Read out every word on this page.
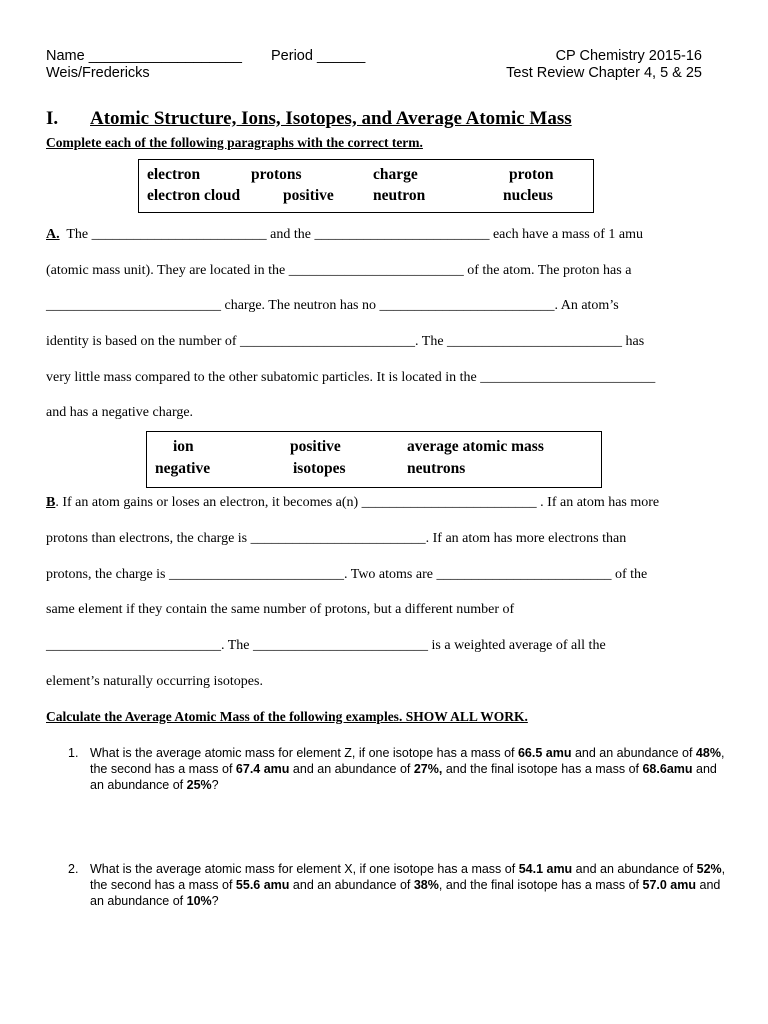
Name ___________________ Period ______	CP Chemistry 2015-16
Weis/Fredericks	Test Review Chapter 4, 5 & 25
I. Atomic Structure, Ions, Isotopes, and Average Atomic Mass
Complete each of the following paragraphs with the correct term.
electron	protons	charge	proton
electron cloud	positive	neutron	nucleus
A. The _________________________ and the _________________________ each have a mass of 1 amu
(atomic mass unit). They are located in the _________________________ of the atom. The proton has a
_________________________ charge. The neutron has no _________________________. An atom’s
identity is based on the number of _________________________. The _________________________ has
very little mass compared to the other subatomic particles. It is located in the _________________________
and has a negative charge.
ion	positive	average atomic mass
negative	isotopes	neutrons
B. If an atom gains or loses an electron, it becomes a(n) _________________________ . If an atom has more
protons than electrons, the charge is _________________________. If an atom has more electrons than
protons, the charge is _________________________. Two atoms are _________________________ of the
same element if they contain the same number of protons, but a different number of
_________________________. The _________________________ is a weighted average of all the
element’s naturally occurring isotopes.
Calculate the Average Atomic Mass of the following examples. SHOW ALL WORK.
1. What is the average atomic mass for element Z, if one isotope has a mass of 66.5 amu and an abundance of 48%, the second has a mass of 67.4 amu and an abundance of 27%, and the final isotope has a mass of 68.6amu and an abundance of 25%?
2. What is the average atomic mass for element X, if one isotope has a mass of 54.1 amu and an abundance of 52%, the second has a mass of 55.6 amu and an abundance of 38%, and the final isotope has a mass of 57.0 amu and an abundance of 10%?
